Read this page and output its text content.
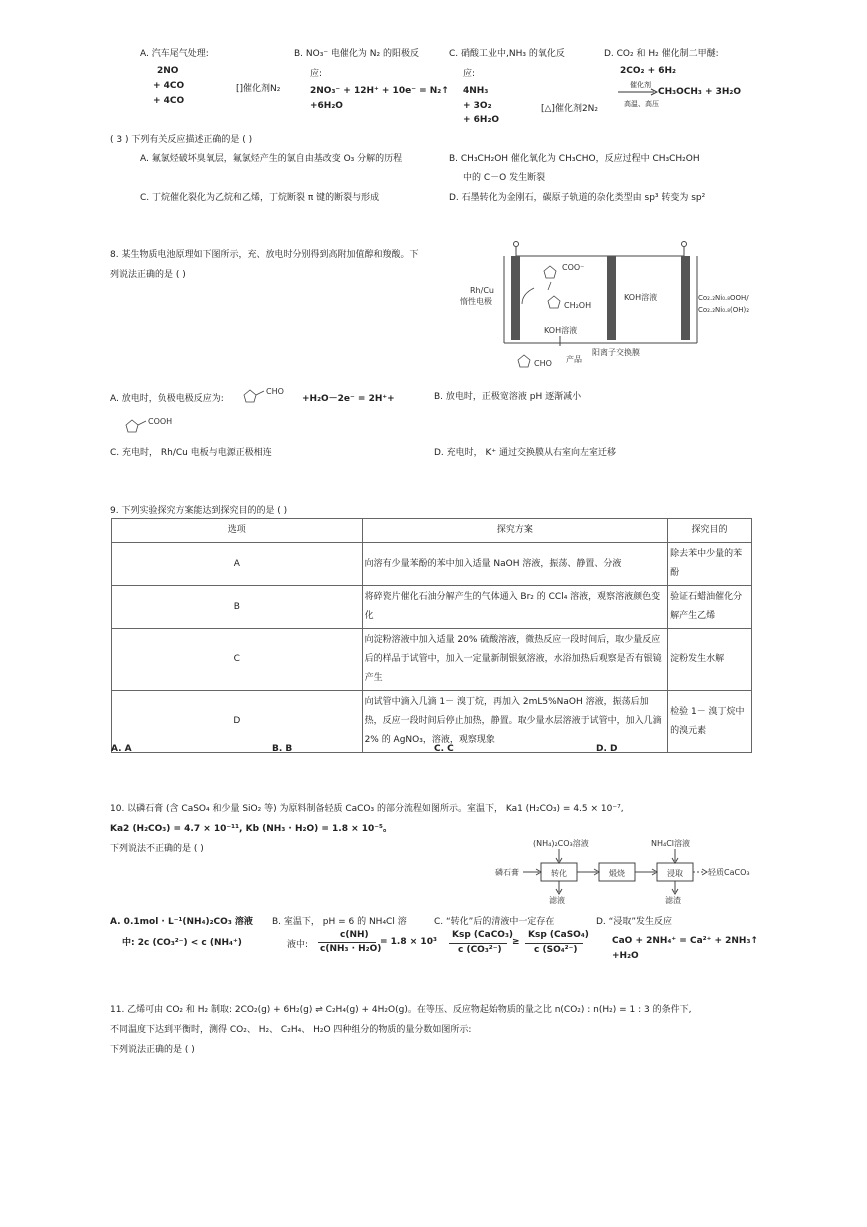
A. 汽车尾气处理:
2NO
+ 4CO
+ 4CO
[]催化剂N₂
B. NO₃⁻ 电催化为 N₂ 的阳极反
应:
2NO₃⁻ + 12H⁺ + 10e⁻ = N₂↑
+6H₂O
C. 硝酸工业中,NH₃ 的氧化反
应:
4NH₃
+ 3O₂
+ 6H₂O
[△]催化剂2N₂
D. CO₂ 和 H₂ 催化制二甲醚:
2CO₂ + 6H₂
催化剂
CH₃OCH₃ + 3H₂O
高温、高压
( 3 ) 下列有关反应描述正确的是 ( )
A. 氟氯烃破坏臭氧层，氟氯烃产生的氯自由基改变 O₃ 分解的历程	B. CH₃CH₂OH 催化氧化为 CH₃CHO，反应过程中 CH₃CH₂OH
中的 C－O 发生断裂
C. 丁烷催化裂化为乙烷和乙烯，丁烷断裂 π 键的断裂与形成	D. 石墨转化为金刚石，碳原子轨道的杂化类型由 sp³ 转变为 sp²
8. 某生物质电池原理如下图所示，充、放电时分别得到高附加值醇和羧酸。下
列说法正确的是 ( )
COO⁻
CH₂OH
KOH溶液
CHO 产品
KOH溶液
阳离子交换膜
Rh/Cu
惰性电极	Co₂.₂Ni₀.₈OOH/
Co₂.₂Ni₀.₈(OH)₂
A. 放电时，负极电极反应为:
CHO
+H₂O－2e⁻ = 2H⁺+
COOH
B. 放电时，正极宽溶液 pH 逐渐减小
C. 充电时， Rh/Cu 电板与电源正极相连	D. 充电时， K⁺ 通过交换膜从右室向左室迁移
9. 下列实验探究方案能达到探究目的的是 ( )
选项	探究方案	探究目的
A	向溶有少量苯酚的苯中加入适量 NaOH 溶液，振荡、静置、分液	除去苯中少量的苯酚
B	将碎瓷片催化石油分解产生的气体通入 Br₂ 的 CCl₄ 溶液，观察溶液颜色变化	验证石蜡油催化分解产生乙烯
C	向淀粉溶液中加入适量 20% 硫酸溶液，微热反应一段时间后，取少量反应后的样品于试管中，加入一定量新制银氨溶液，水浴加热后观察是否有银镜产生	淀粉发生水解
D	向试管中滴入几滴 1－ 溴丁烷，再加入 2mL5%NaOH 溶液，振荡后加热，反应一段时间后停止加热，静置。取少量水层溶液于试管中，加入几滴 2% 的 AgNO₃，溶液，观察现象	检验 1－ 溴丁烷中的溴元素
A. A	B. B	C. C	D. D
10. 以磷石膏 (含 CaSO₄ 和少量 SiO₂ 等) 为原料制备轻质 CaCO₃ 的部分流程如图所示。室温下， Ka1 (H₂CO₃) = 4.5 × 10⁻⁷,
Ka2 (H₂CO₃) = 4.7 × 10⁻¹¹, Kb (NH₃ · H₂O) = 1.8 × 10⁻⁵。
下列说法不正确的是 ( )
(NH₄)₂CO₃溶液	NH₄Cl溶液
磷石膏	转化	煅烧	浸取	轻质CaCO₃
滤液	滤渣
A. 0.1mol · L⁻¹(NH₄)₂CO₃ 溶液
中: 2c (CO₃²⁻) < c (NH₄⁺)
B. 室温下， pH = 6 的 NH₄Cl 溶
液中:
c(NH)
c(NH₃ · H₂O)
= 1.8 × 10³
C. “转化”后的清液中一定存在
Ksp (CaCO₃)
c (CO₃²⁻)
≥
Ksp (CaSO₄)
c (SO₄²⁻)
D. “浸取”发生反应
CaO + 2NH₄⁺ = Ca²⁺ + 2NH₃↑
+H₂O
11. 乙烯可由 CO₂ 和 H₂ 制取: 2CO₂(g) + 6H₂(g) ⇌ C₂H₄(g) + 4H₂O(g)。在等压、反应物起始物质的量之比 n(CO₂) : n(H₂) = 1 : 3 的条件下,
不同温度下达到平衡时，测得 CO₂、 H₂、 C₂H₄、 H₂O 四种组分的物质的量分数如图所示:
下列说法正确的是 ( )
